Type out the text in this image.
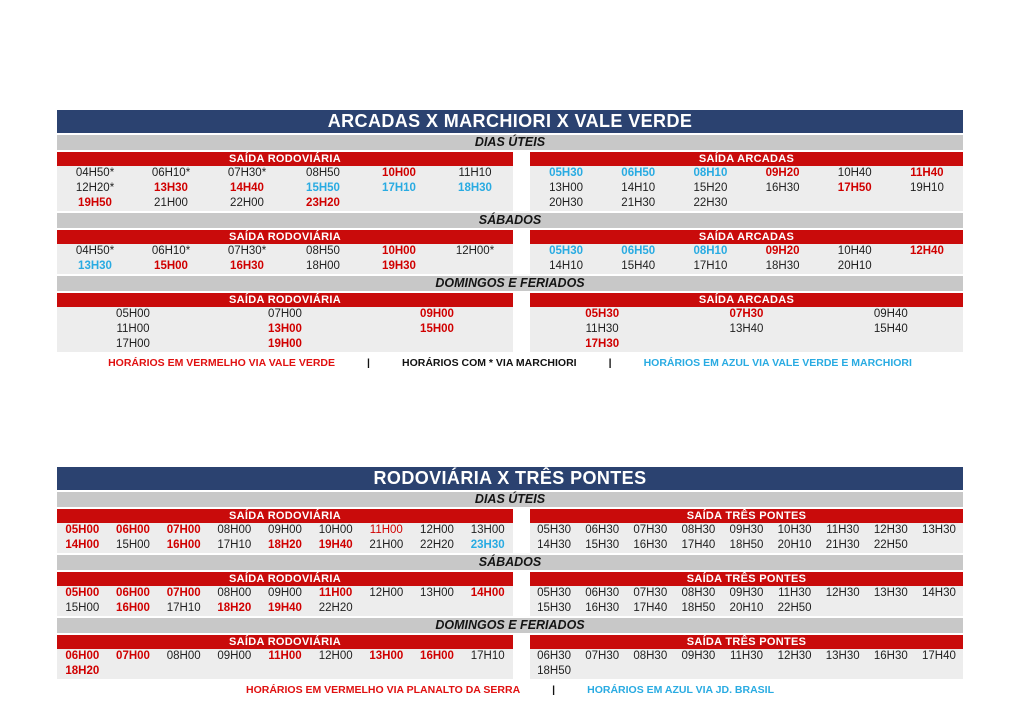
ARCADAS X MARCHIORI X VALE VERDE
DIAS ÚTEIS
SAÍDA RODOVIÁRIA	SAÍDA ARCADAS
04H50*	06H10*	07H30*	08H50	10H00	11H10
12H20*	13H30	14H40	15H50	17H10	18H30
19H50	21H00	22H00	23H20
05H30	06H50	08H10	09H20	10H40	11H40
13H00	14H10	15H20	16H30	17H50	19H10
20H30	21H30	22H30
SÁBADOS
SAÍDA RODOVIÁRIA	SAÍDA ARCADAS
04H50*	06H10*	07H30*	08H50	10H00	12H00*
13H30	15H00	16H30	18H00	19H30
05H30	06H50	08H10	09H20	10H40	12H40
14H10	15H40	17H10	18H30	20H10
DOMINGOS E FERIADOS
SAÍDA RODOVIÁRIA	SAÍDA ARCADAS
05H00	07H00	09H00
11H00	13H00	15H00
17H00	19H00
05H30	07H30	09H40
11H30	13H40	15H40
17H30
HORÁRIOS EM VERMELHO VIA VALE VERDE	|	HORÁRIOS COM * VIA MARCHIORI	|	HORÁRIOS EM AZUL VIA VALE VERDE E MARCHIORI
RODOVIÁRIA X TRÊS PONTES
DIAS ÚTEIS
SAÍDA RODOVIÁRIA	SAÍDA TRÊS PONTES
05H00	06H00	07H00	08H00	09H00	10H00	11H00	12H00	13H00
14H00	15H00	16H00	17H10	18H20	19H40	21H00	22H20	23H30
05H30	06H30	07H30	08H30	09H30	10H30	11H30	12H30	13H30
14H30	15H30	16H30	17H40	18H50	20H10	21H30	22H50
SÁBADOS
SAÍDA RODOVIÁRIA	SAÍDA TRÊS PONTES
05H00	06H00	07H00	08H00	09H00	11H00	12H00	13H00	14H00
15H00	16H00	17H10	18H20	19H40	22H20
05H30	06H30	07H30	08H30	09H30	11H30	12H30	13H30	14H30
15H30	16H30	17H40	18H50	20H10	22H50
DOMINGOS E FERIADOS
SAÍDA RODOVIÁRIA	SAÍDA TRÊS PONTES
06H00	07H00	08H00	09H00	11H00	12H00	13H00	16H00	17H10
18H20
06H30	07H30	08H30	09H30	11H30	12H30	13H30	16H30	17H40
18H50
HORÁRIOS EM VERMELHO VIA PLANALTO DA SERRA	|	HORÁRIOS EM AZUL VIA JD. BRASIL
